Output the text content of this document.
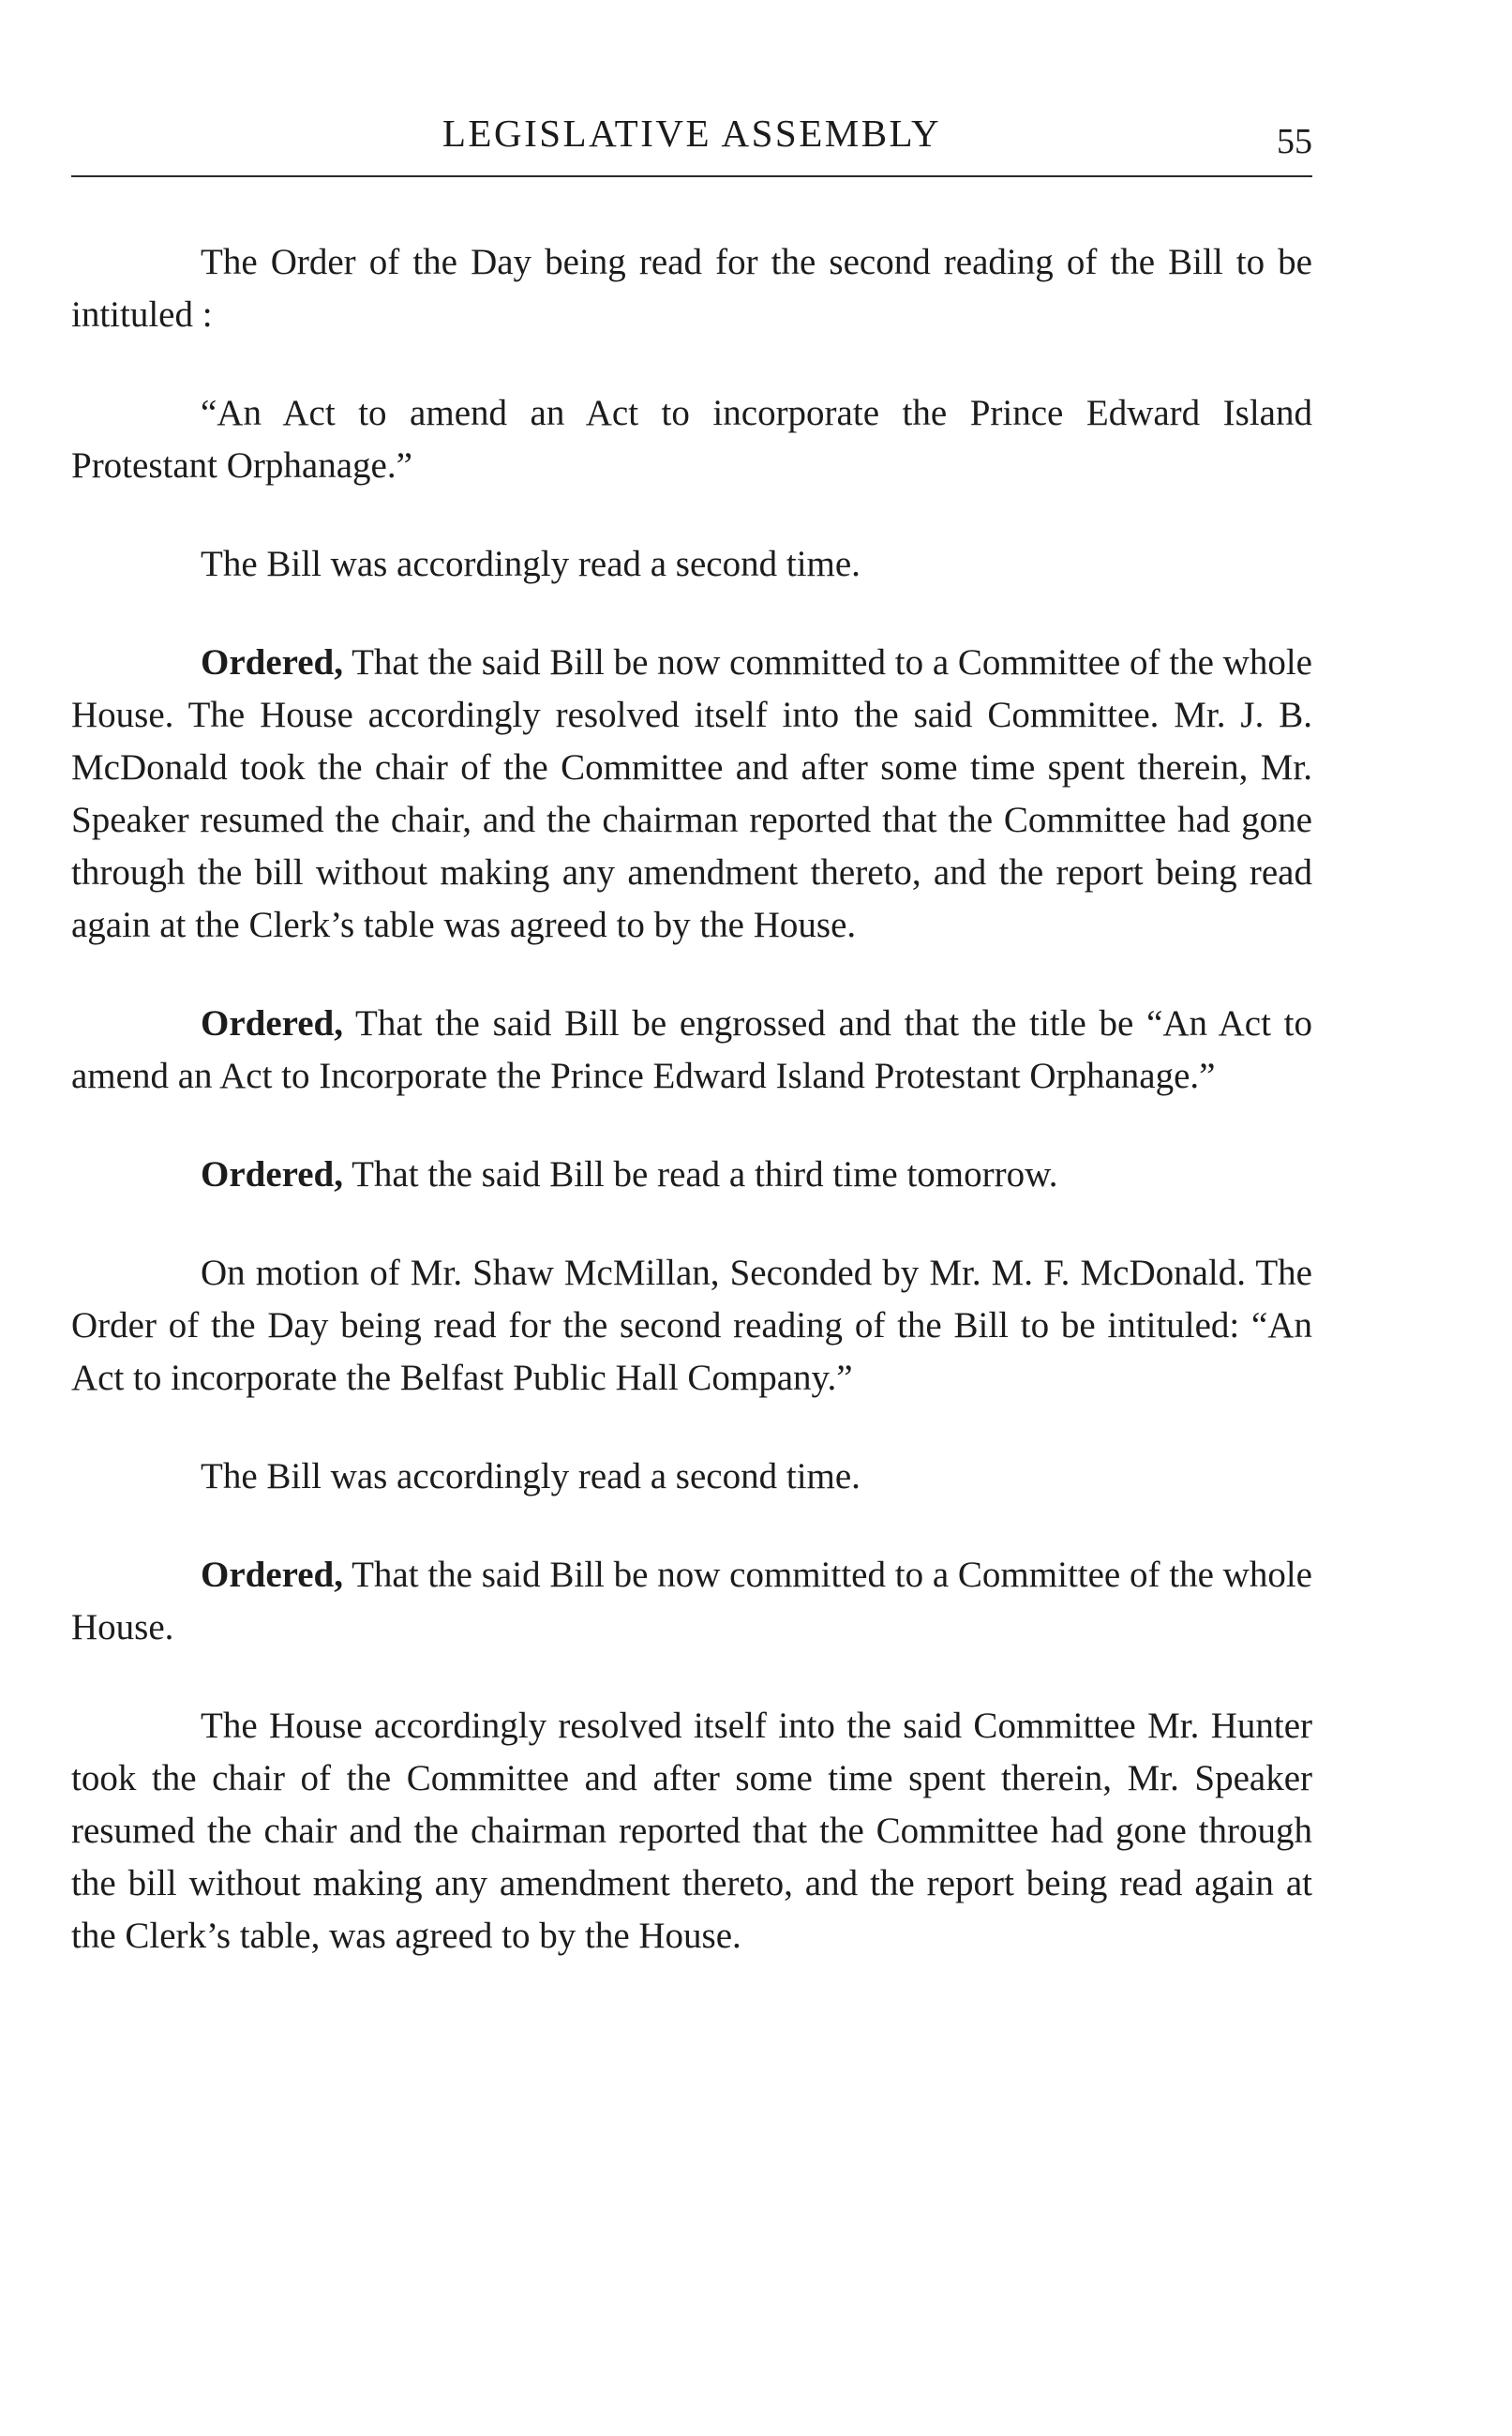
LEGISLATIVE ASSEMBLY	55

The Order of the Day being read for the second reading of the Bill to be intituled :

“An Act to amend an Act to incorporate the Prince Edward Island Protestant Orphanage.”

The Bill was accordingly read a second time.

Ordered, That the said Bill be now committed to a Committee of the whole House. The House accordingly resolved itself into the said Committee. Mr. J. B. McDonald took the chair of the Committee and after some time spent therein, Mr. Speaker resumed the chair, and the chairman reported that the Committee had gone through the bill without making any amendment thereto, and the report being read again at the Clerk’s table was agreed to by the House.

Ordered, That the said Bill be engrossed and that the title be “An Act to amend an Act to Incorporate the Prince Edward Island Protestant Orphanage.”

Ordered, That the said Bill be read a third time tomorrow.

On motion of Mr. Shaw McMillan, Seconded by Mr. M. F. McDonald. The Order of the Day being read for the second reading of the Bill to be intituled: “An Act to incorporate the Belfast Public Hall Company.”

The Bill was accordingly read a second time.

Ordered, That the said Bill be now committed to a Committee of the whole House.

The House accordingly resolved itself into the said Committee Mr. Hunter took the chair of the Committee and after some time spent therein, Mr. Speaker resumed the chair and the chairman reported that the Committee had gone through the bill without making any amendment thereto, and the report being read again at the Clerk’s table, was agreed to by the House.
